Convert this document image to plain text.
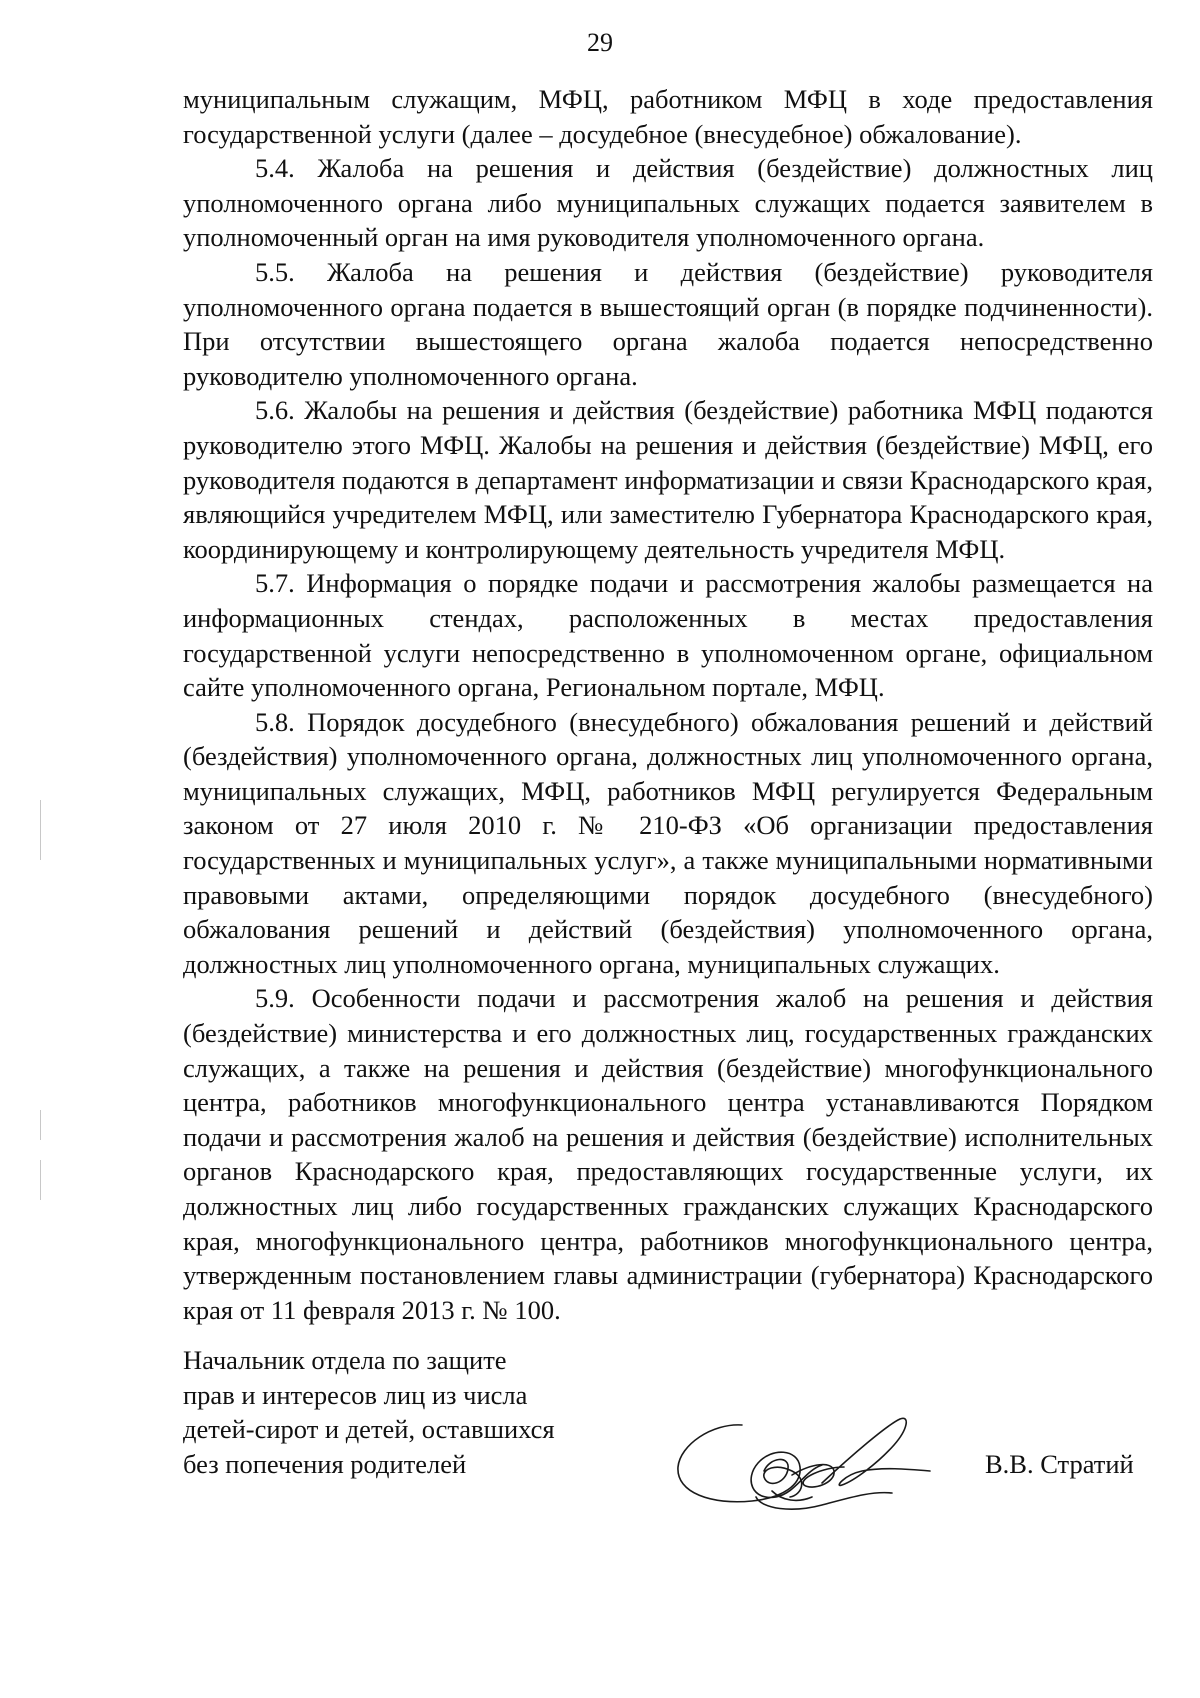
29

муниципальным служащим, МФЦ, работником МФЦ в ходе предоставления государственной услуги (далее – досудебное (внесудебное) обжалование).

5.4. Жалоба на решения и действия (бездействие) должностных лиц уполномоченного органа либо муниципальных служащих подается заявителем в уполномоченный орган на имя руководителя уполномоченного органа.

5.5. Жалоба на решения и действия (бездействие) руководителя уполномоченного органа подается в вышестоящий орган (в порядке подчиненности). При отсутствии вышестоящего органа жалоба подается непосредственно руководителю уполномоченного органа.

5.6. Жалобы на решения и действия (бездействие) работника МФЦ подаются руководителю этого МФЦ. Жалобы на решения и действия (бездействие) МФЦ, его руководителя подаются в департамент информатизации и связи Краснодарского края, являющийся учредителем МФЦ, или заместителю Губернатора Краснодарского края, координирующему и контролирующему деятельность учредителя МФЦ.

5.7. Информация о порядке подачи и рассмотрения жалобы размещается на информационных стендах, расположенных в местах предоставления государственной услуги непосредственно в уполномоченном органе, официальном сайте уполномоченного органа, Региональном портале, МФЦ.

5.8. Порядок досудебного (внесудебного) обжалования решений и действий (бездействия) уполномоченного органа, должностных лиц уполномоченного органа, муниципальных служащих, МФЦ, работников МФЦ регулируется Федеральным законом от 27 июля 2010 г. № 210-ФЗ «Об организации предоставления государственных и муниципальных услуг», а также муниципальными нормативными правовыми актами, определяющими порядок досудебного (внесудебного) обжалования решений и действий (бездействия) уполномоченного органа, должностных лиц уполномоченного органа, муниципальных служащих.

5.9. Особенности подачи и рассмотрения жалоб на решения и действия (бездействие) министерства и его должностных лиц, государственных гражданских служащих, а также на решения и действия (бездействие) многофункционального центра, работников многофункционального центра устанавливаются Порядком подачи и рассмотрения жалоб на решения и действия (бездействие) исполнительных органов Краснодарского края, предоставляющих государственные услуги, их должностных лиц либо государственных гражданских служащих Краснодарского края, многофункционального центра, работников многофункционального центра, утвержденным постановлением главы администрации (губернатора) Краснодарского края от 11 февраля 2013 г. № 100.

Начальник отдела по защите
прав и интересов лиц из числа
детей-сирот и детей, оставшихся
без попечения родителей	В.В. Стратий
